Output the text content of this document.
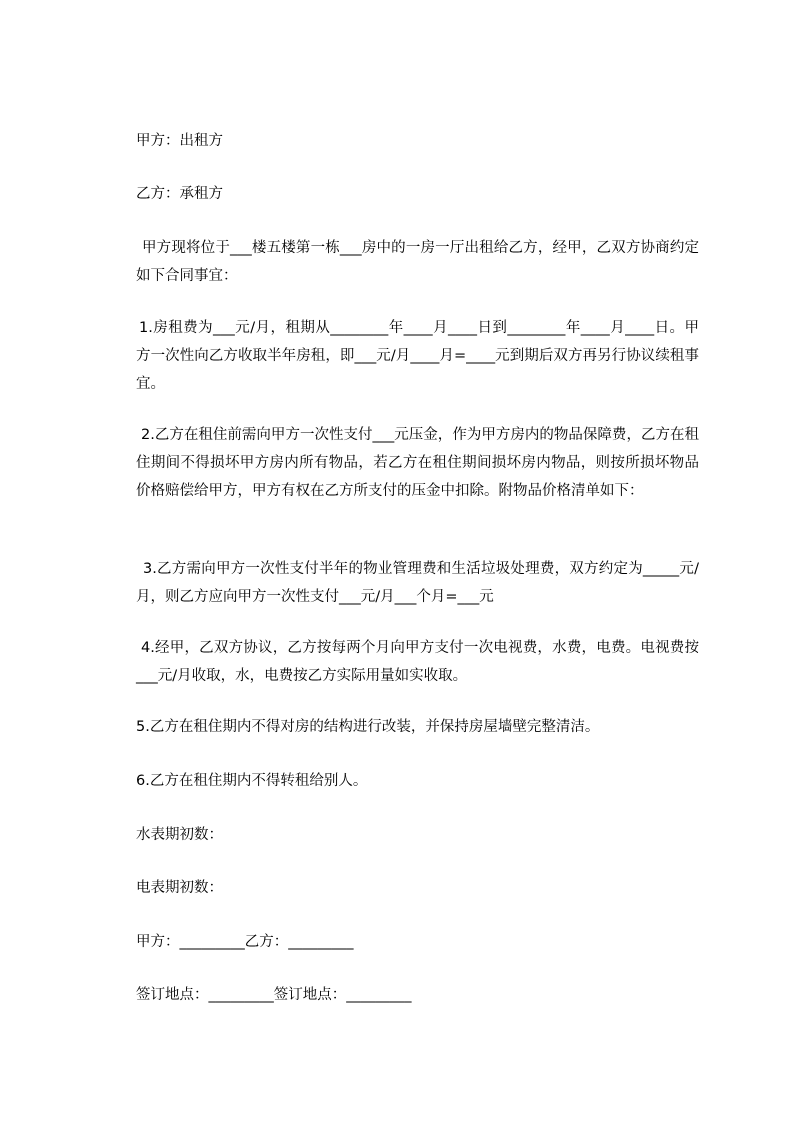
甲方：出租方

乙方：承租方

甲方现将位于___楼五楼第一栋___房中的一房一厅出租给乙方，经甲，乙双方协商约定如下合同事宜：

1.房租费为___元/月，租期从________年____月____日到________年____月____日。甲方一次性向乙方收取半年房租，即___元/月____月=____元到期后双方再另行协议续租事宜。

2.乙方在租住前需向甲方一次性支付___元压金，作为甲方房内的物品保障费，乙方在租住期间不得损坏甲方房内所有物品，若乙方在租住期间损坏房内物品，则按所损坏物品价格赔偿给甲方，甲方有权在乙方所支付的压金中扣除。附物品价格清单如下：

3.乙方需向甲方一次性支付半年的物业管理费和生活垃圾处理费，双方约定为_____元/月，则乙方应向甲方一次性支付___元/月___个月=___元

4.经甲，乙双方协议，乙方按每两个月向甲方支付一次电视费，水费，电费。电视费按___元/月收取，水，电费按乙方实际用量如实收取。

5.乙方在租住期内不得对房的结构进行改装，并保持房屋墙壁完整清洁。

6.乙方在租住期内不得转租给别人。

水表期初数：

电表期初数：

甲方：_________乙方：_________

签订地点：_________签订地点：_________
